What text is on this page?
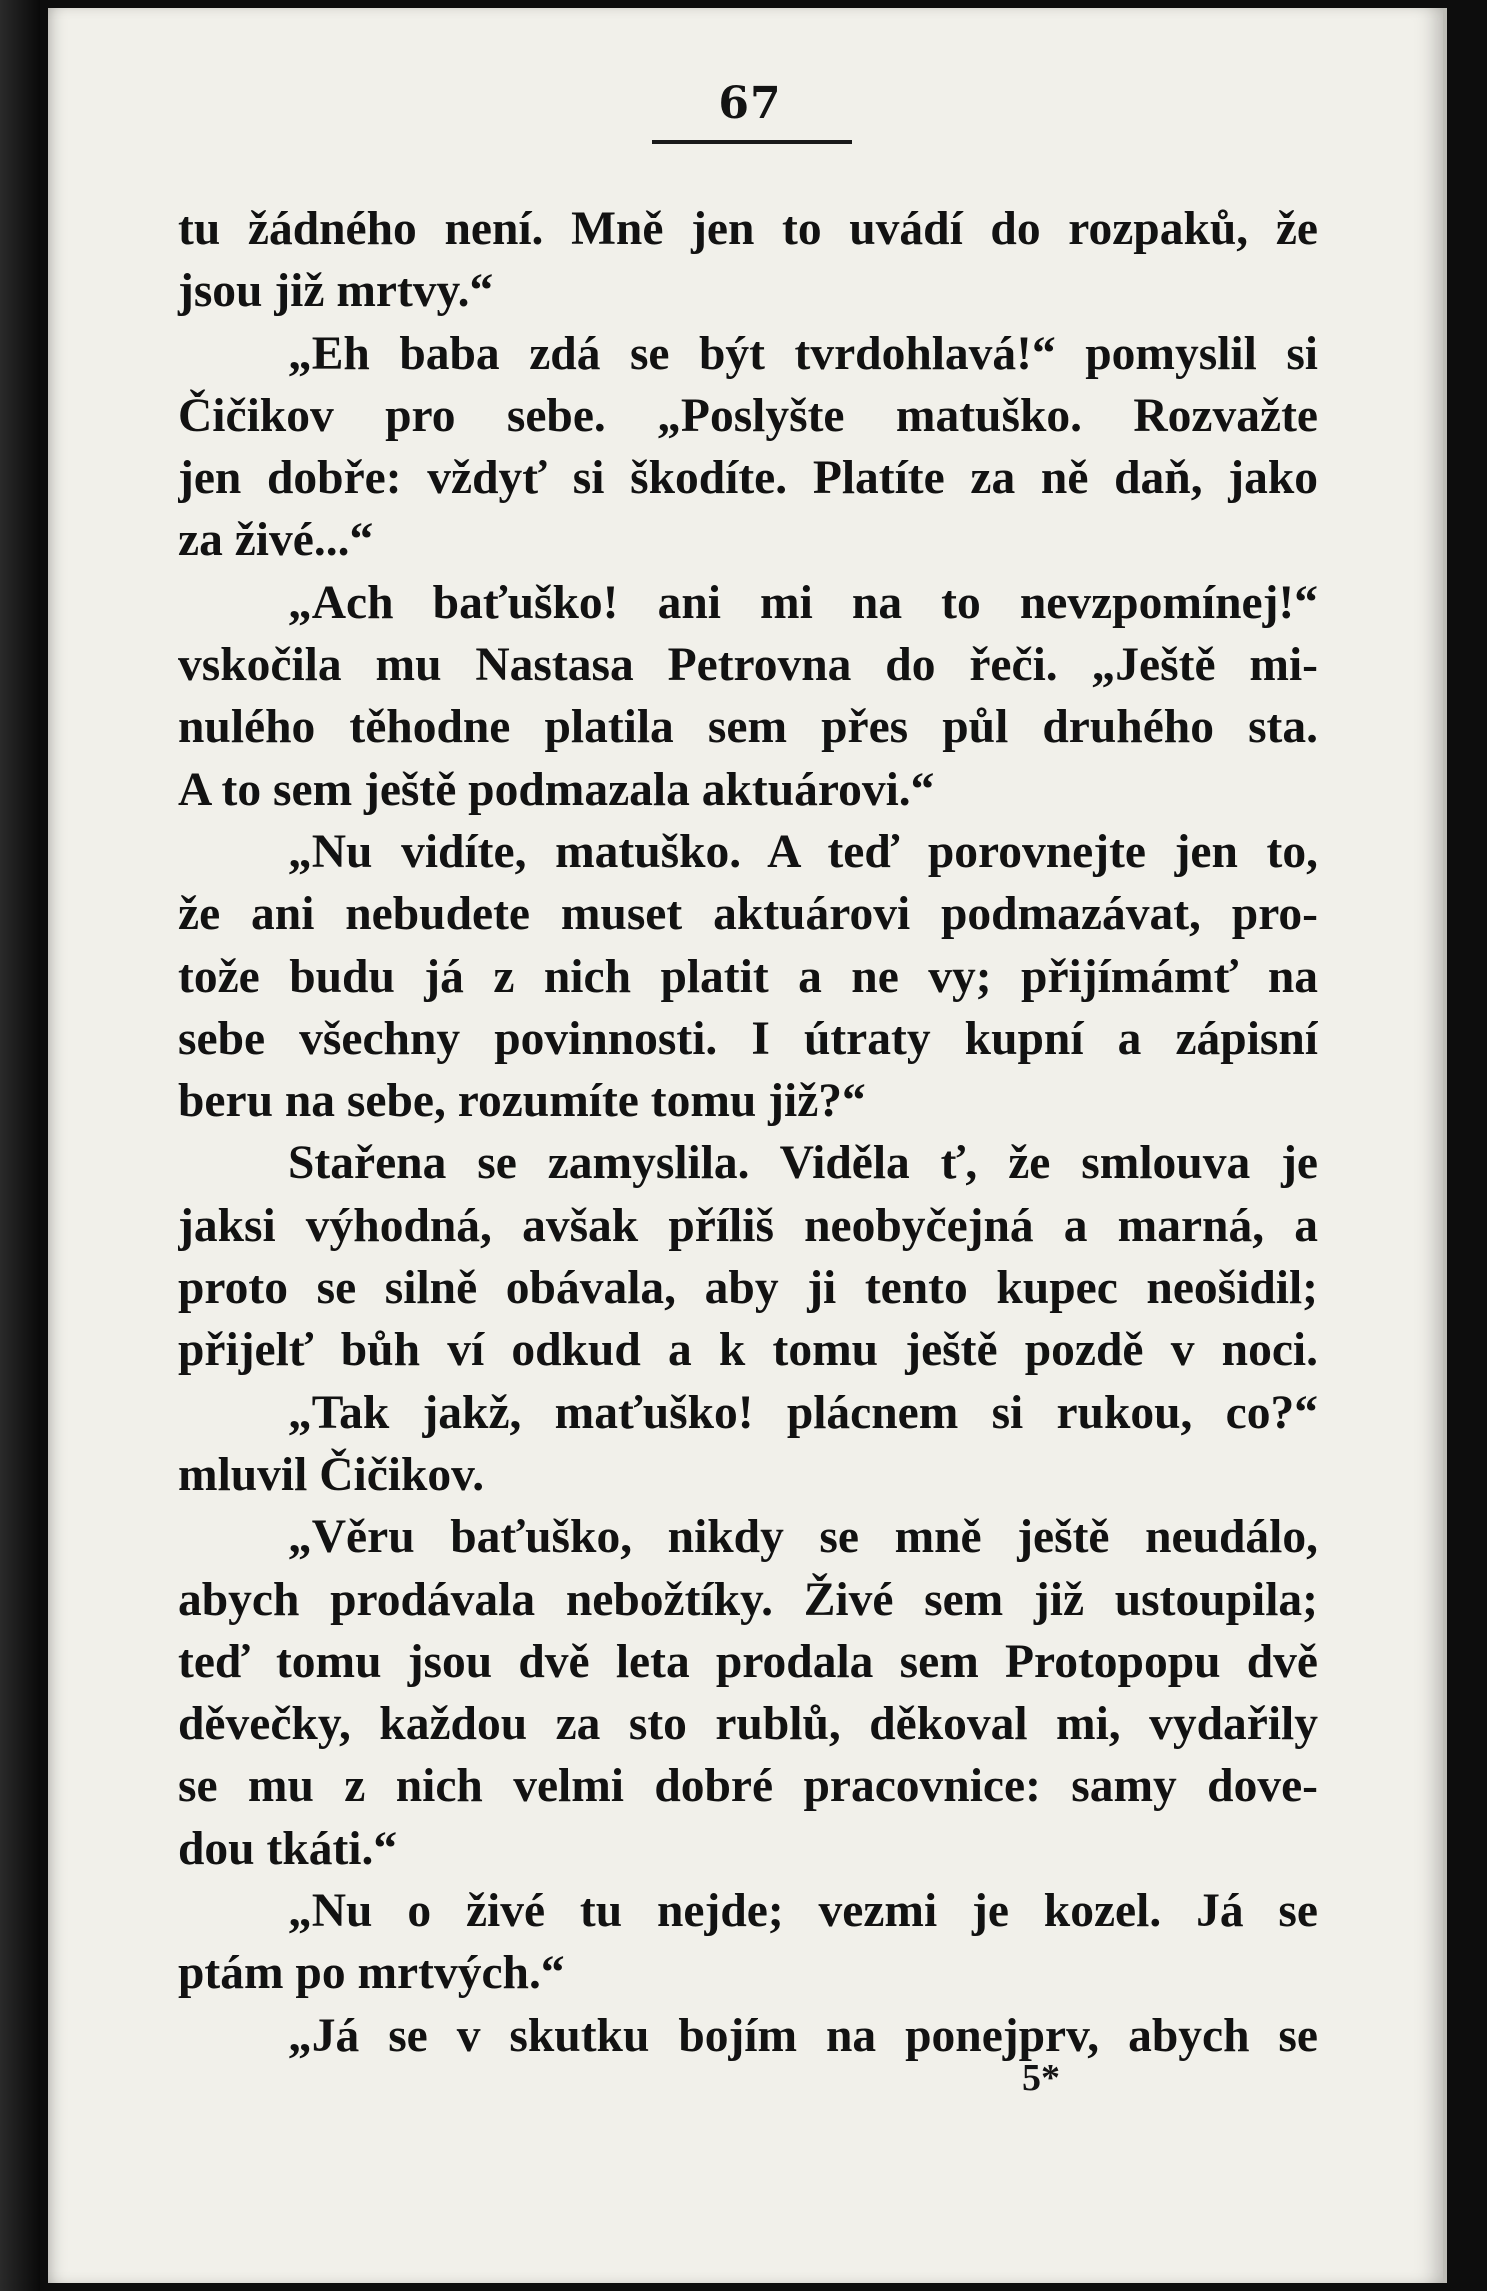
67
tu žádného není. Mně jen to uvádí do rozpaků, že
jsou již mrtvy.“
„Eh baba zdá se být tvrdohlavá!“ pomyslil si
Čičikov pro sebe. „Poslyšte matuško. Rozvažte
jen dobře: vždyť si škodíte. Platíte za ně daň, jako
za živé...“
„Ach baťuško! ani mi na to nevzpomínej!“
vskočila mu Nastasa Petrovna do řeči. „Ještě mi-
nulého těhodne platila sem přes půl druhého sta.
A to sem ještě podmazala aktuárovi.“
„Nu vidíte, matuško. A teď porovnejte jen to,
že ani nebudete muset aktuárovi podmazávat, pro-
tože budu já z nich platit a ne vy; přijímámť na
sebe všechny povinnosti. I útraty kupní a zápisní
beru na sebe, rozumíte tomu již?“
Stařena se zamyslila. Viděla ť, že smlouva je
jaksi výhodná, avšak příliš neobyčejná a marná, a
proto se silně obávala, aby ji tento kupec neošidil;
přijelť bůh ví odkud a k tomu ještě pozdě v noci.
„Tak jakž, maťuško! plácnem si rukou, co?“
mluvil Čičikov.
„Věru baťuško, nikdy se mně ještě neudálo,
abych prodávala nebožtíky. Živé sem již ustoupila;
teď tomu jsou dvě leta prodala sem Protopopu dvě
děvečky, každou za sto rublů, děkoval mi, vydařily
se mu z nich velmi dobré pracovnice: samy dove-
dou tkáti.“
„Nu o živé tu nejde; vezmi je kozel. Já se
ptám po mrtvých.“
„Já se v skutku bojím na ponejprv, abych se
5*
